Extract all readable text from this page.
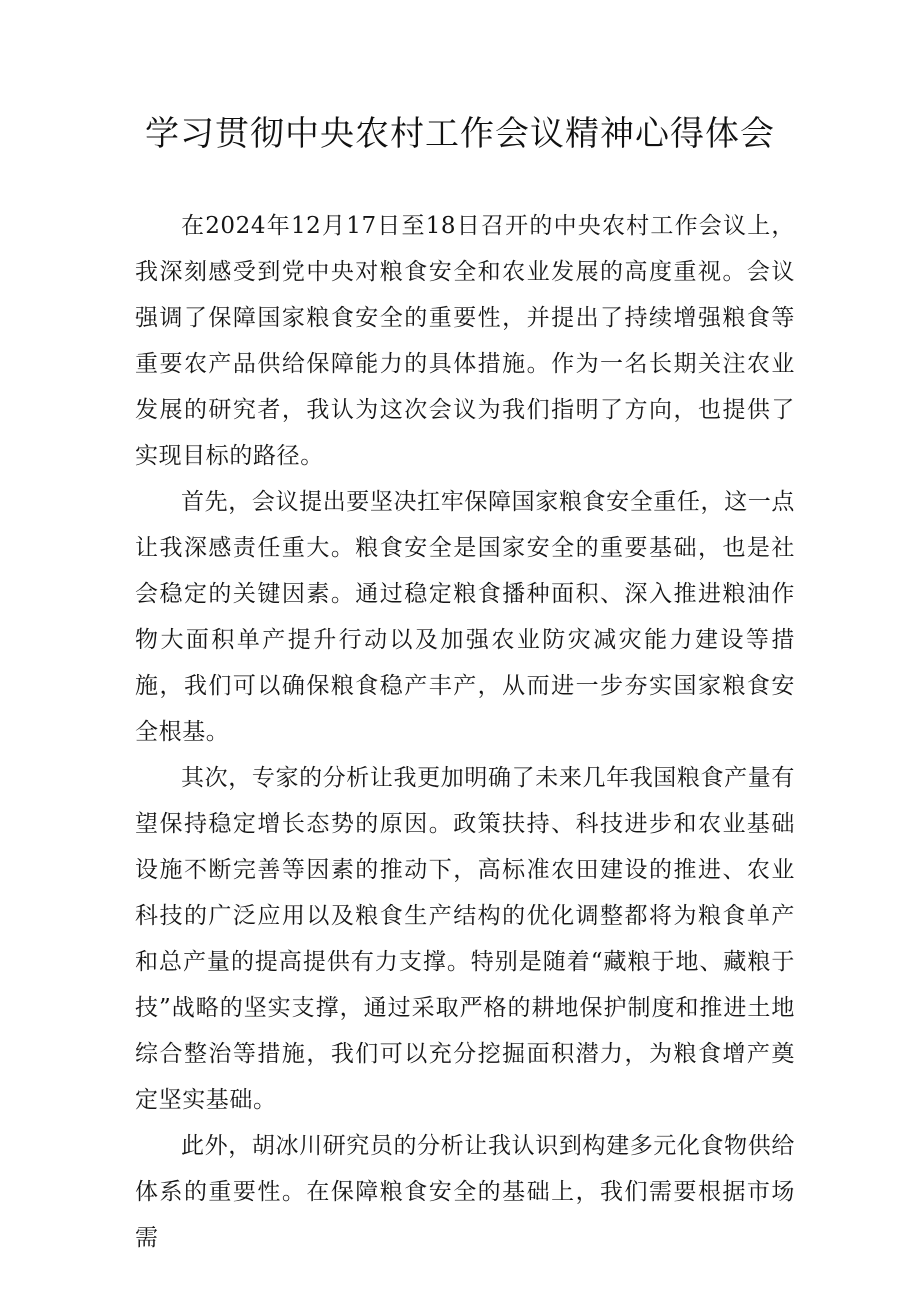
学习贯彻中央农村工作会议精神心得体会

在2024年12月17日至18日召开的中央农村工作会议上，我深刻感受到党中央对粮食安全和农业发展的高度重视。会议强调了保障国家粮食安全的重要性，并提出了持续增强粮食等重要农产品供给保障能力的具体措施。作为一名长期关注农业发展的研究者，我认为这次会议为我们指明了方向，也提供了实现目标的路径。

首先，会议提出要坚决扛牢保障国家粮食安全重任，这一点让我深感责任重大。粮食安全是国家安全的重要基础，也是社会稳定的关键因素。通过稳定粮食播种面积、深入推进粮油作物大面积单产提升行动以及加强农业防灾减灾能力建设等措施，我们可以确保粮食稳产丰产，从而进一步夯实国家粮食安全根基。

其次，专家的分析让我更加明确了未来几年我国粮食产量有望保持稳定增长态势的原因。政策扶持、科技进步和农业基础设施不断完善等因素的推动下，高标准农田建设的推进、农业科技的广泛应用以及粮食生产结构的优化调整都将为粮食单产和总产量的提高提供有力支撑。特别是随着“藏粮于地、藏粮于技”战略的坚实支撑，通过采取严格的耕地保护制度和推进土地综合整治等措施，我们可以充分挖掘面积潜力，为粮食增产奠定坚实基础。

此外，胡冰川研究员的分析让我认识到构建多元化食物供给体系的重要性。在保障粮食安全的基础上，我们需要根据市场需
